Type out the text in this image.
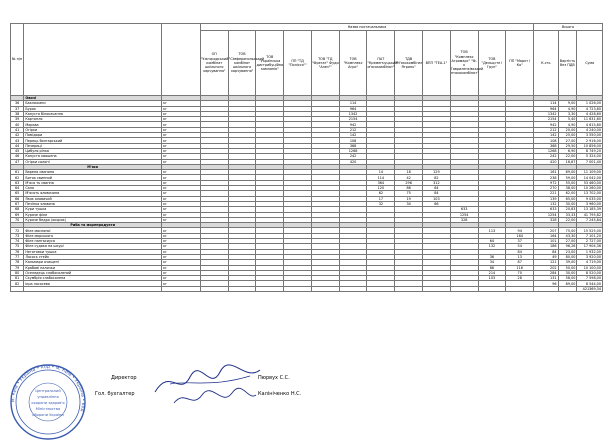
№ п/п			Назва постачальника												Всього		
			ОП "Ужгородський комбінат шкільного харчування"	ТОВ "Сімферопольський комбінат шкільного харчування"	ТОВ "Українська дистрибуційна компанія"	ПП "ТД "Полісся""	ТОВ "ТД "Фрегат" Фуди "Алез""	ТОВ "Комплекс Агро"	ПАТ "Кременчуцький м'ясокомбінат"	ТДВ "М'ясокомбінат Ятрань"	ВПП "ТЕА-1"	ТОВ "Комплекс Агромарс" "Ф-к Гавриленківський птахокомбінат"	ТОВ "Дельцсте і Груп"	ПП "Маркт і Ко"	К-сть	Вартість без ПДВ	Сума
	Овочі																
36	Баклажани	кг						114							114	9,00	1 026,00
37	Буряк	кг						964							964	4,90	4 723,60
38	Капуста білокачанна	кг						1342							1342	3,30	4 428,60
39	Картопля	кг						2154							2154	5,40	11 631,60
40	Морква	кг						942							942	4,90	4 615,80
41	Огірки	кг						212							212	20,00	4 240,00
42	Помідори	кг						142							142	25,00	3 550,00
43	Перець болгарський	кг						108							108	27,00	2 916,00
44	Печериці	кг						368							368	29,50	10 856,00
45	Цибуля ріпка	кг						1268							1268	6,90	8 749,20
46	Капуста квашена	кг						242							242	22,00	5 324,00
47	Огірки солоні	кг						420							420	16,67	7 001,40
	М'ясо																
61	Варена свинина	кг							14	18	129				161	69,00	11 109,00
62	Биток свинний	кг							114	42	82				238	59,00	14 042,00
63	М'ясо ть свинна	кг							364	296	312				972	55,00	53 460,00
64	Сало	кг							120	86	64				270	38,00	10 260,00
65	М'ясоть яловичини	кг							62	75	84				221	62,00	13 702,00
66	Язик яловичий	кг							17	19	103				139	65,00	9 035,00
67	Печінка яловича	кг							32	34	66				132	30,00	3 960,00
68	Кури тушка	кг										633			633	20,83	13 185,39
69	Куряче філе	кг										1254			1254	33,33	41 795,82
70	Куряче бедро (окорок)	кг										328			328	22,00	7 245,84
	Риба та морепродукти																
72	Філе масляної	кг											113	94	207	75,00	15 525,00
73	Філе морського	кг												164	164	43,30	7 101,20
74	Філе пангасиуса	кг											64	37	101	27,00	2 727,00
75	Філе судака на шкурі	кг											132	54	186	96,26	17 904,36
76	Неготовки тушка	кг												84	84	23,00	1 932,00
77	Лосось стейк	кг											36	13	49	80,00	3 920,00
78	Кальмари очищені	кг											34	87	121	39,00	4 719,00
79	Крабові палички	кг											86	116	202	50,00	10 100,00
80	Оселедець слабосолений	кг											214	70	284	30,00	8 520,00
81	Скумбрія слабосолена	кг											103	28	131	58,00	7 598,00
82	Ікра лососева	кг													96	89,00	8 544,00
																	421369,34
м. Київ • Україна • код • м. Київ • Україна • код
Центральний
управління
охорони здоров'я
Міністерства
оборони України
Директор	Пюрвух С.С.
Гол. бухгалтер	Калініченко Н.С.
